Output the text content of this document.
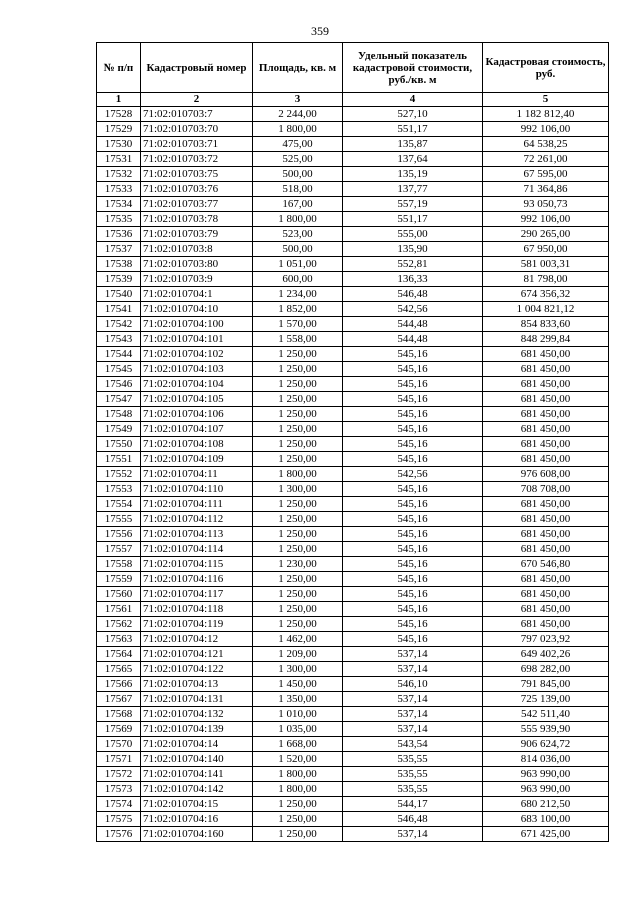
359
№ п/п	Кадастровый номер	Площадь, кв. м	Удельный показатель кадастровой стоимости, руб./кв. м	Кадастровая стоимость, руб.
1	2	3	4	5
17528	71:02:010703:7	2 244,00	527,10	1 182 812,40
17529	71:02:010703:70	1 800,00	551,17	992 106,00
17530	71:02:010703:71	475,00	135,87	64 538,25
17531	71:02:010703:72	525,00	137,64	72 261,00
17532	71:02:010703:75	500,00	135,19	67 595,00
17533	71:02:010703:76	518,00	137,77	71 364,86
17534	71:02:010703:77	167,00	557,19	93 050,73
17535	71:02:010703:78	1 800,00	551,17	992 106,00
17536	71:02:010703:79	523,00	555,00	290 265,00
17537	71:02:010703:8	500,00	135,90	67 950,00
17538	71:02:010703:80	1 051,00	552,81	581 003,31
17539	71:02:010703:9	600,00	136,33	81 798,00
17540	71:02:010704:1	1 234,00	546,48	674 356,32
17541	71:02:010704:10	1 852,00	542,56	1 004 821,12
17542	71:02:010704:100	1 570,00	544,48	854 833,60
17543	71:02:010704:101	1 558,00	544,48	848 299,84
17544	71:02:010704:102	1 250,00	545,16	681 450,00
17545	71:02:010704:103	1 250,00	545,16	681 450,00
17546	71:02:010704:104	1 250,00	545,16	681 450,00
17547	71:02:010704:105	1 250,00	545,16	681 450,00
17548	71:02:010704:106	1 250,00	545,16	681 450,00
17549	71:02:010704:107	1 250,00	545,16	681 450,00
17550	71:02:010704:108	1 250,00	545,16	681 450,00
17551	71:02:010704:109	1 250,00	545,16	681 450,00
17552	71:02:010704:11	1 800,00	542,56	976 608,00
17553	71:02:010704:110	1 300,00	545,16	708 708,00
17554	71:02:010704:111	1 250,00	545,16	681 450,00
17555	71:02:010704:112	1 250,00	545,16	681 450,00
17556	71:02:010704:113	1 250,00	545,16	681 450,00
17557	71:02:010704:114	1 250,00	545,16	681 450,00
17558	71:02:010704:115	1 230,00	545,16	670 546,80
17559	71:02:010704:116	1 250,00	545,16	681 450,00
17560	71:02:010704:117	1 250,00	545,16	681 450,00
17561	71:02:010704:118	1 250,00	545,16	681 450,00
17562	71:02:010704:119	1 250,00	545,16	681 450,00
17563	71:02:010704:12	1 462,00	545,16	797 023,92
17564	71:02:010704:121	1 209,00	537,14	649 402,26
17565	71:02:010704:122	1 300,00	537,14	698 282,00
17566	71:02:010704:13	1 450,00	546,10	791 845,00
17567	71:02:010704:131	1 350,00	537,14	725 139,00
17568	71:02:010704:132	1 010,00	537,14	542 511,40
17569	71:02:010704:139	1 035,00	537,14	555 939,90
17570	71:02:010704:14	1 668,00	543,54	906 624,72
17571	71:02:010704:140	1 520,00	535,55	814 036,00
17572	71:02:010704:141	1 800,00	535,55	963 990,00
17573	71:02:010704:142	1 800,00	535,55	963 990,00
17574	71:02:010704:15	1 250,00	544,17	680 212,50
17575	71:02:010704:16	1 250,00	546,48	683 100,00
17576	71:02:010704:160	1 250,00	537,14	671 425,00
